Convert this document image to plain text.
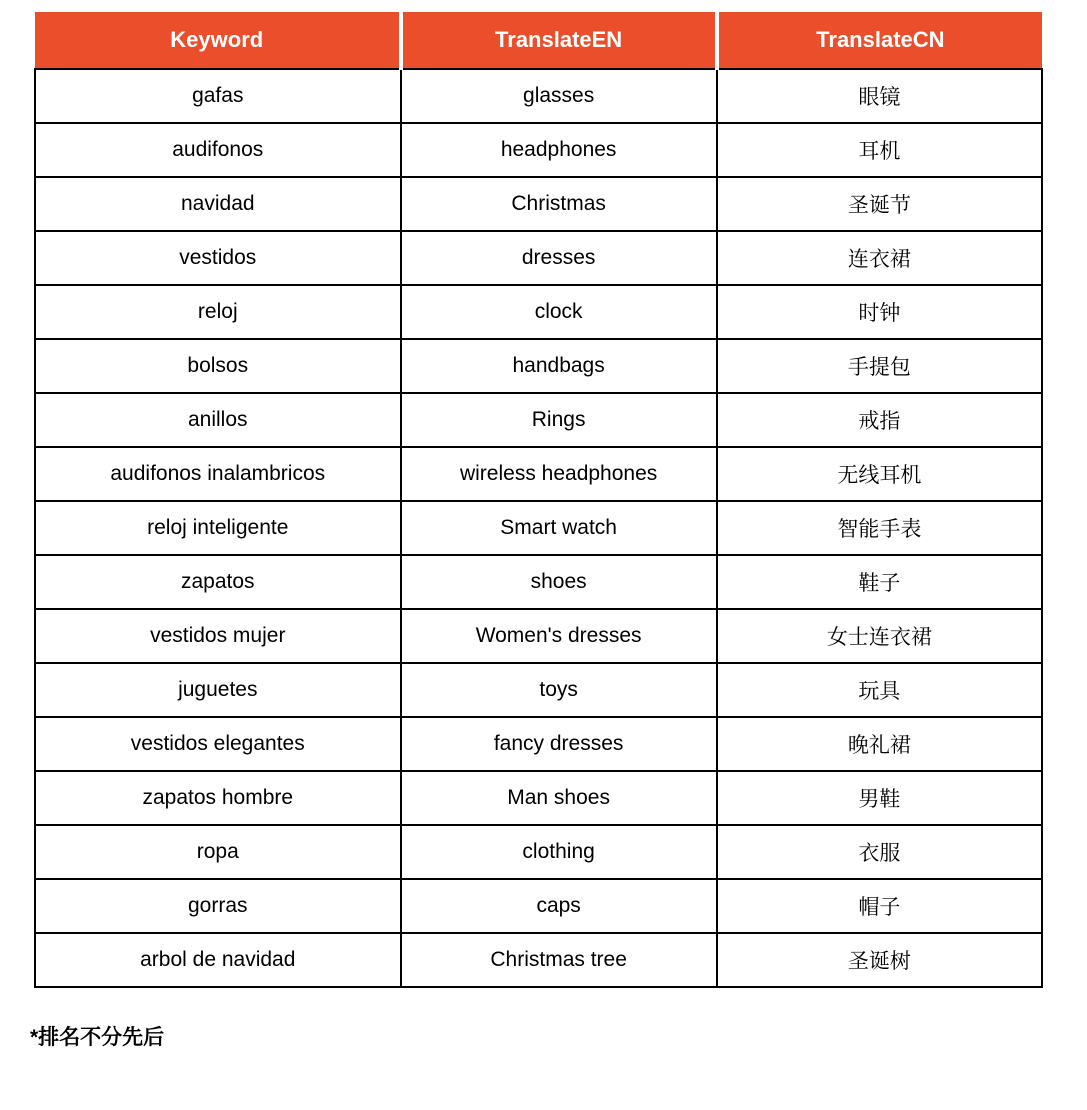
Keyword	TranslateEN	TranslateCN
gafas	glasses	眼镜
audifonos	headphones	耳机
navidad	Christmas	圣诞节
vestidos	dresses	连衣裙
reloj	clock	时钟
bolsos	handbags	手提包
anillos	Rings	戒指
audifonos inalambricos	wireless headphones	无线耳机
reloj inteligente	Smart watch	智能手表
zapatos	shoes	鞋子
vestidos mujer	Women's dresses	女士连衣裙
juguetes	toys	玩具
vestidos elegantes	fancy dresses	晚礼裙
zapatos hombre	Man shoes	男鞋
ropa	clothing	衣服
gorras	caps	帽子
arbol de navidad	Christmas tree	圣诞树
*排名不分先后
